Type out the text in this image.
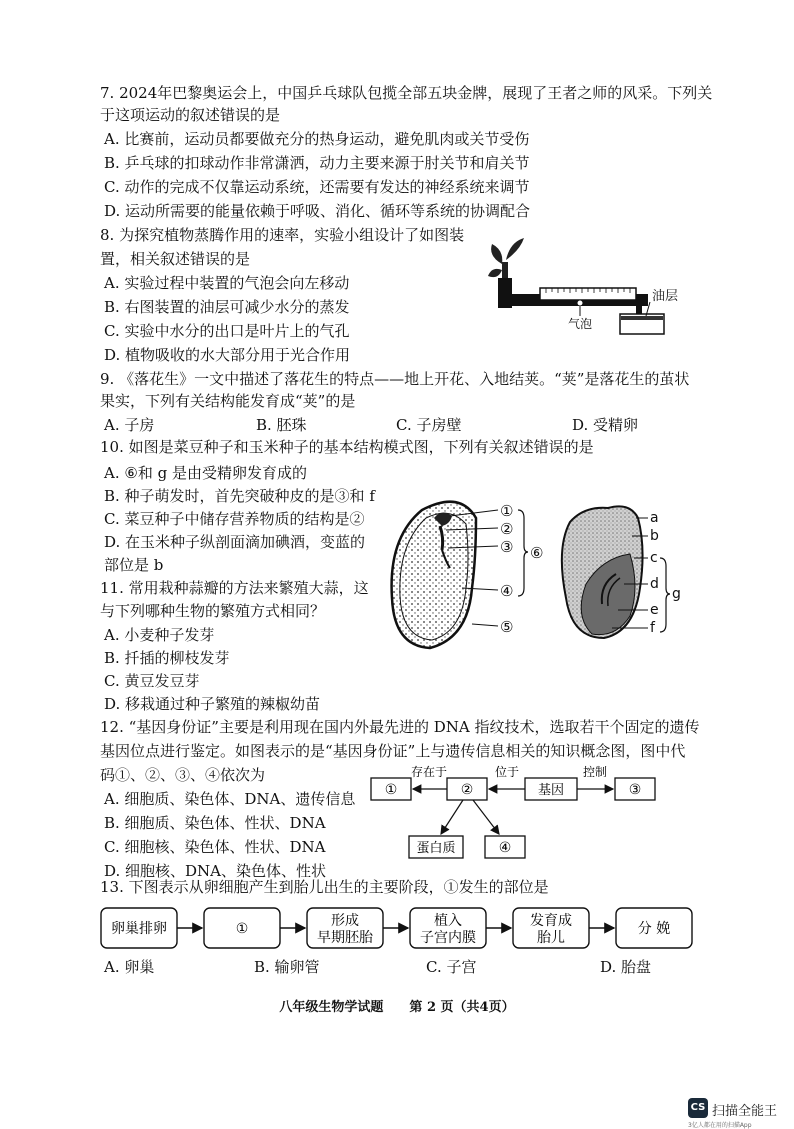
7. 2024年巴黎奥运会上，中国乒乓球队包揽全部五块金牌，展现了王者之师的风采。下列关
于这项运动的叙述错误的是
A. 比赛前，运动员都要做充分的热身运动，避免肌肉或关节受伤
B. 乒乓球的扣球动作非常潇洒，动力主要来源于肘关节和肩关节
C. 动作的完成不仅靠运动系统，还需要有发达的神经系统来调节
D. 运动所需要的能量依赖于呼吸、消化、循环等系统的协调配合
8. 为探究植物蒸腾作用的速率，实验小组设计了如图装
置，相关叙述错误的是
A. 实验过程中装置的气泡会向左移动
B. 右图装置的油层可减少水分的蒸发
C. 实验中水分的出口是叶片上的气孔
D. 植物吸收的水大部分用于光合作用
油层
气泡
9. 《落花生》一文中描述了落花生的特点——地上开花、入地结荚。“荚”是落花生的茧状
果实，下列有关结构能发育成“荚”的是
A. 子房	B. 胚珠	C. 子房壁	D. 受精卵
10. 如图是菜豆种子和玉米种子的基本结构模式图，下列有关叙述错误的是
A. ⑥和 g 是由受精卵发育成的
B. 种子萌发时，首先突破种皮的是③和 f
C. 菜豆种子中储存营养物质的结构是②
D. 在玉米种子纵剖面滴加碘酒，变蓝的
部位是 b
①
②
③
④
⑤
⑥
a
b
c
d
e
f
g
11. 常用栽种蒜瓣的方法来繁殖大蒜，这
与下列哪种生物的繁殖方式相同？
A. 小麦种子发芽
B. 扦插的柳枝发芽
C. 黄豆发豆芽
D. 移栽通过种子繁殖的辣椒幼苗
12. “基因身份证”主要是利用现在国内外最先进的 DNA 指纹技术，选取若干个固定的遗传
基因位点进行鉴定。如图表示的是“基因身份证”上与遗传信息相关的知识概念图，图中代
码①、②、③、④依次为
A. 细胞质、染色体、DNA、遗传信息
B. 细胞质、染色体、性状、DNA
C. 细胞核、染色体、性状、DNA
D. 细胞核、DNA、染色体、性状
①	②	基因	③
蛋白质	④
存在于	位于	控制
13. 下图表示从卵细胞产生到胎儿出生的主要阶段，①发生的部位是
卵巢排卵	①	形成
早期胚胎
植入
子宫内膜
发育成
胎儿
分 娩
A. 卵巢	B. 输卵管	C. 子宫	D. 胎盘
八年级生物学试题　　第 2 页（共4页）
CS 扫描全能王
3亿人都在用的扫描App
